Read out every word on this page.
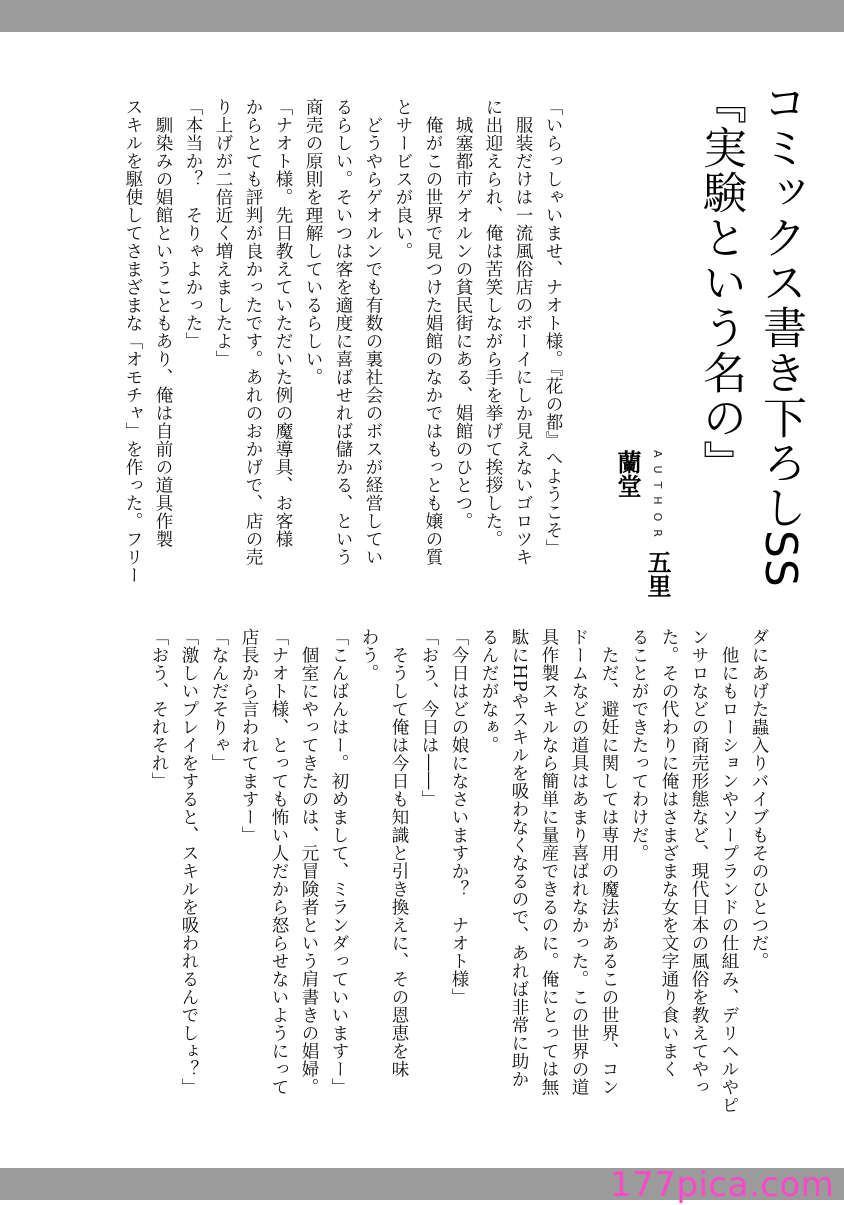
コミックス書き下ろしSS『実験という名の』
AUTHOR 五里蘭堂
「いらっしゃいませ、ナオト様。『花の都』へようこそ」
　服装だけは一流風俗店のボーイにしか見えないゴロツキ
に出迎えられ、俺は苦笑しながら手を挙げて挨拶した。
　城塞都市ゲオルンの貧民街にある、娼館のひとつ。
　俺がこの世界で見つけた娼館のなかではもっとも嬢の質
とサービスが良い。
　どうやらゲオルンでも有数の裏社会のボスが経営してい
るらしい。そいつは客を適度に喜ばせれば儲かる、という
商売の原則を理解しているらしい。
「ナオト様。先日教えていただいた例の魔導具、お客様
からとても評判が良かったです。あれのおかげで、店の売
り上げが二倍近く増えましたよ」
「本当か？　そりゃよかった」
　馴染みの娼館ということもあり、俺は自前の道具作製
スキルを駆使してさまざまな「オモチャ」を作った。フリー
ダにあげた蟲入りバイブもそのひとつだ。
　他にもローションやソープランドの仕組み、デリヘルやピ
ンサロなどの商売形態など、現代日本の風俗を教えてやっ
た。その代わりに俺はさまざまな女を文字通り食いまく
ることができたってわけだ。
　ただ、避妊に関しては専用の魔法があるこの世界、コン
ドームなどの道具はあまり喜ばれなかった。この世界の道
具作製スキルなら簡単に量産できるのに。俺にとっては無
駄にHPやスキルを吸わなくなるので、あれば非常に助か
るんだがなぁ。
「今日はどの娘になさいますか？　ナオト様」
「おう、今日は――」
　そうして俺は今日も知識と引き換えに、その恩恵を味
わう。
「こんばんはー。初めまして、ミランダっていいますー」
　個室にやってきたのは、元冒険者という肩書きの娼婦。
「ナオト様、とっても怖い人だから怒らせないようにって
店長から言われてますー」
「なんだそりゃ」
「激しいプレイをすると、スキルを吸われるんでしょ？」
「おう、それそれ」
177pica.com
